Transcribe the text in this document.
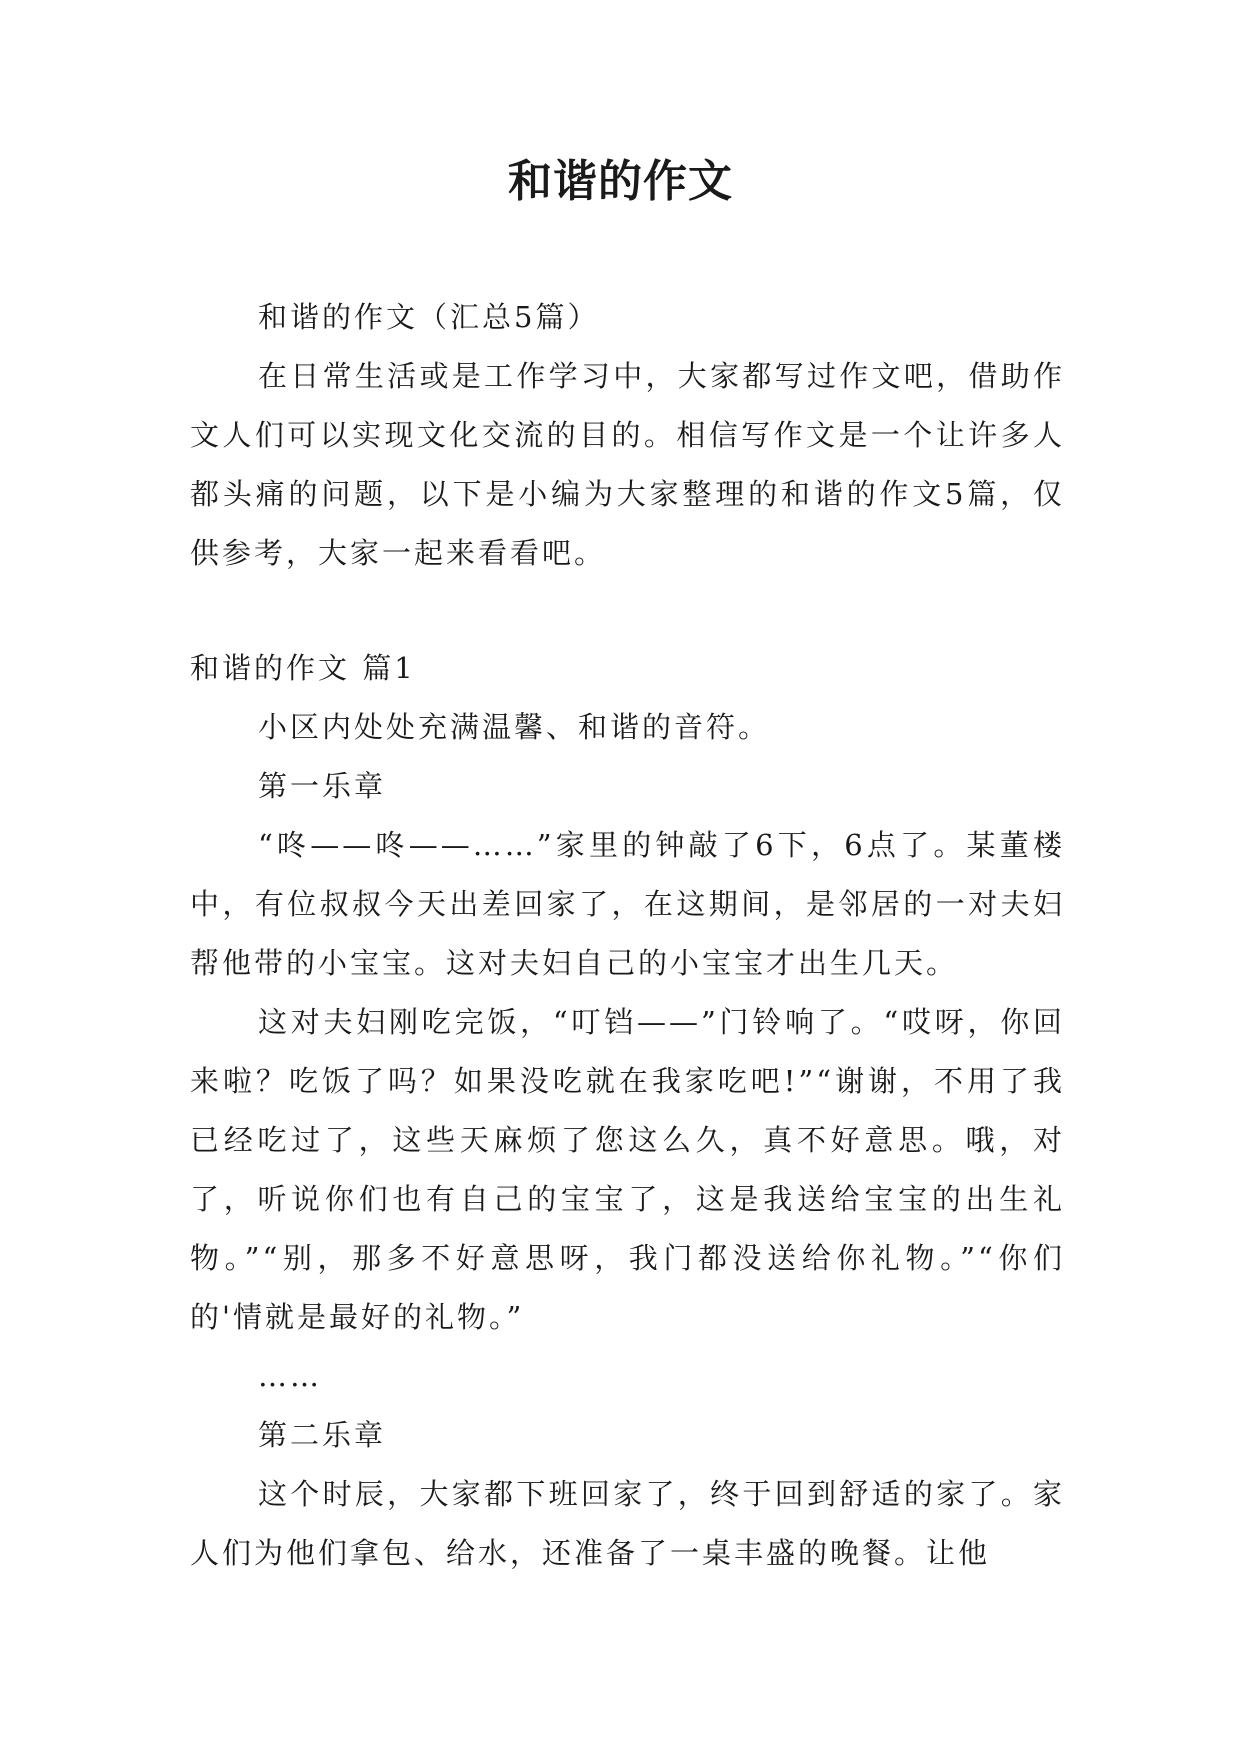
和谐的作文

和谐的作文（汇总5篇）

在日常生活或是工作学习中，大家都写过作文吧，借助作文人们可以实现文化交流的目的。相信写作文是一个让许多人都头痛的问题，以下是小编为大家整理的和谐的作文5篇，仅供参考，大家一起来看看吧。

和谐的作文 篇1

小区内处处充满温馨、和谐的音符。

第一乐章

“咚——咚——……”家里的钟敲了6下，6点了。某董楼中，有位叔叔今天出差回家了，在这期间，是邻居的一对夫妇帮他带的小宝宝。这对夫妇自己的小宝宝才出生几天。

这对夫妇刚吃完饭，“叮铛——”门铃响了。“哎呀，你回来啦？吃饭了吗？如果没吃就在我家吃吧!”“谢谢，不用了我已经吃过了，这些天麻烦了您这么久，真不好意思。哦，对了，听说你们也有自己的宝宝了，这是我送给宝宝的出生礼物。”“别，那多不好意思呀，我门都没送给你礼物。”“你们的'情就是最好的礼物。”

……

第二乐章

这个时辰，大家都下班回家了，终于回到舒适的家了。家人们为他们拿包、给水，还准备了一桌丰盛的晚餐。让他
